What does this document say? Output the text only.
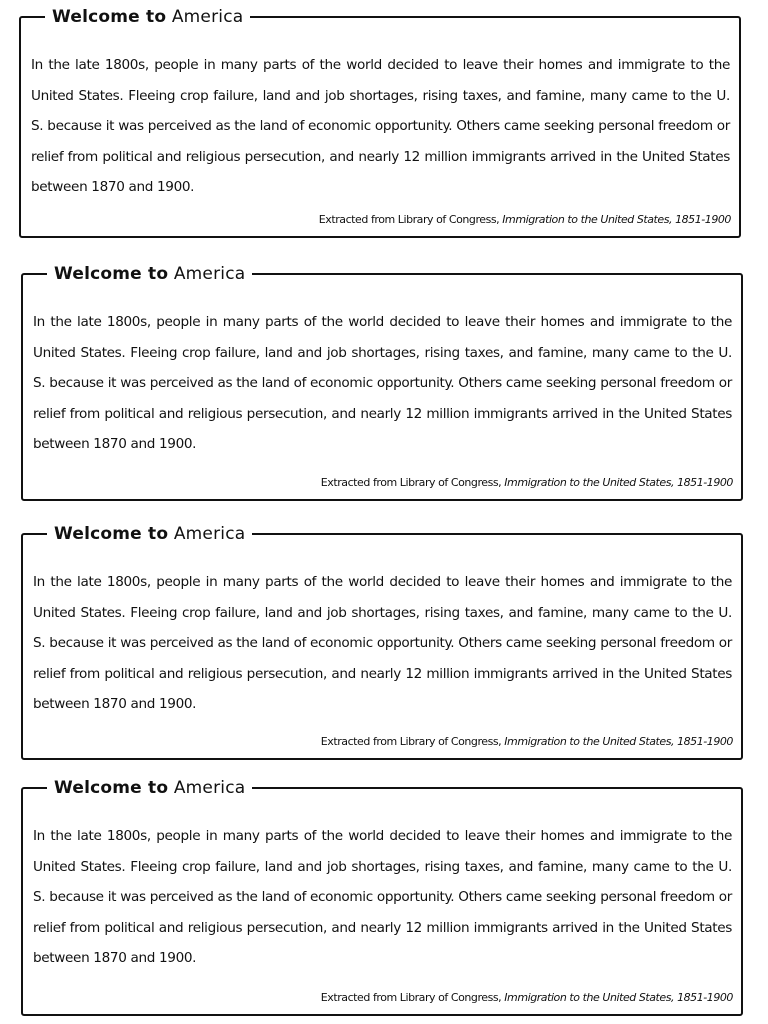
Welcome to America

In the late 1800s, people in many parts of the world decided to leave their homes and immigrate to the United States. Fleeing crop failure, land and job shortages, rising taxes, and famine, many came to the U. S. because it was perceived as the land of economic opportunity. Others came seeking personal freedom or relief from political and religious persecution, and nearly 12 million immigrants arrived in the United States between 1870 and 1900.

Extracted from Library of Congress, Immigration to the United States, 1851-1900
Welcome to America

In the late 1800s, people in many parts of the world decided to leave their homes and immigrate to the United States. Fleeing crop failure, land and job shortages, rising taxes, and famine, many came to the U. S. because it was perceived as the land of economic opportunity. Others came seeking personal freedom or relief from political and religious persecution, and nearly 12 million immigrants arrived in the United States between 1870 and 1900.

Extracted from Library of Congress, Immigration to the United States, 1851-1900
Welcome to America

In the late 1800s, people in many parts of the world decided to leave their homes and immigrate to the United States. Fleeing crop failure, land and job shortages, rising taxes, and famine, many came to the U. S. because it was perceived as the land of economic opportunity. Others came seeking personal freedom or relief from political and religious persecution, and nearly 12 million immigrants arrived in the United States between 1870 and 1900.

Extracted from Library of Congress, Immigration to the United States, 1851-1900
Welcome to America

In the late 1800s, people in many parts of the world decided to leave their homes and immigrate to the United States. Fleeing crop failure, land and job shortages, rising taxes, and famine, many came to the U. S. because it was perceived as the land of economic opportunity. Others came seeking personal freedom or relief from political and religious persecution, and nearly 12 million immigrants arrived in the United States between 1870 and 1900.

Extracted from Library of Congress, Immigration to the United States, 1851-1900
